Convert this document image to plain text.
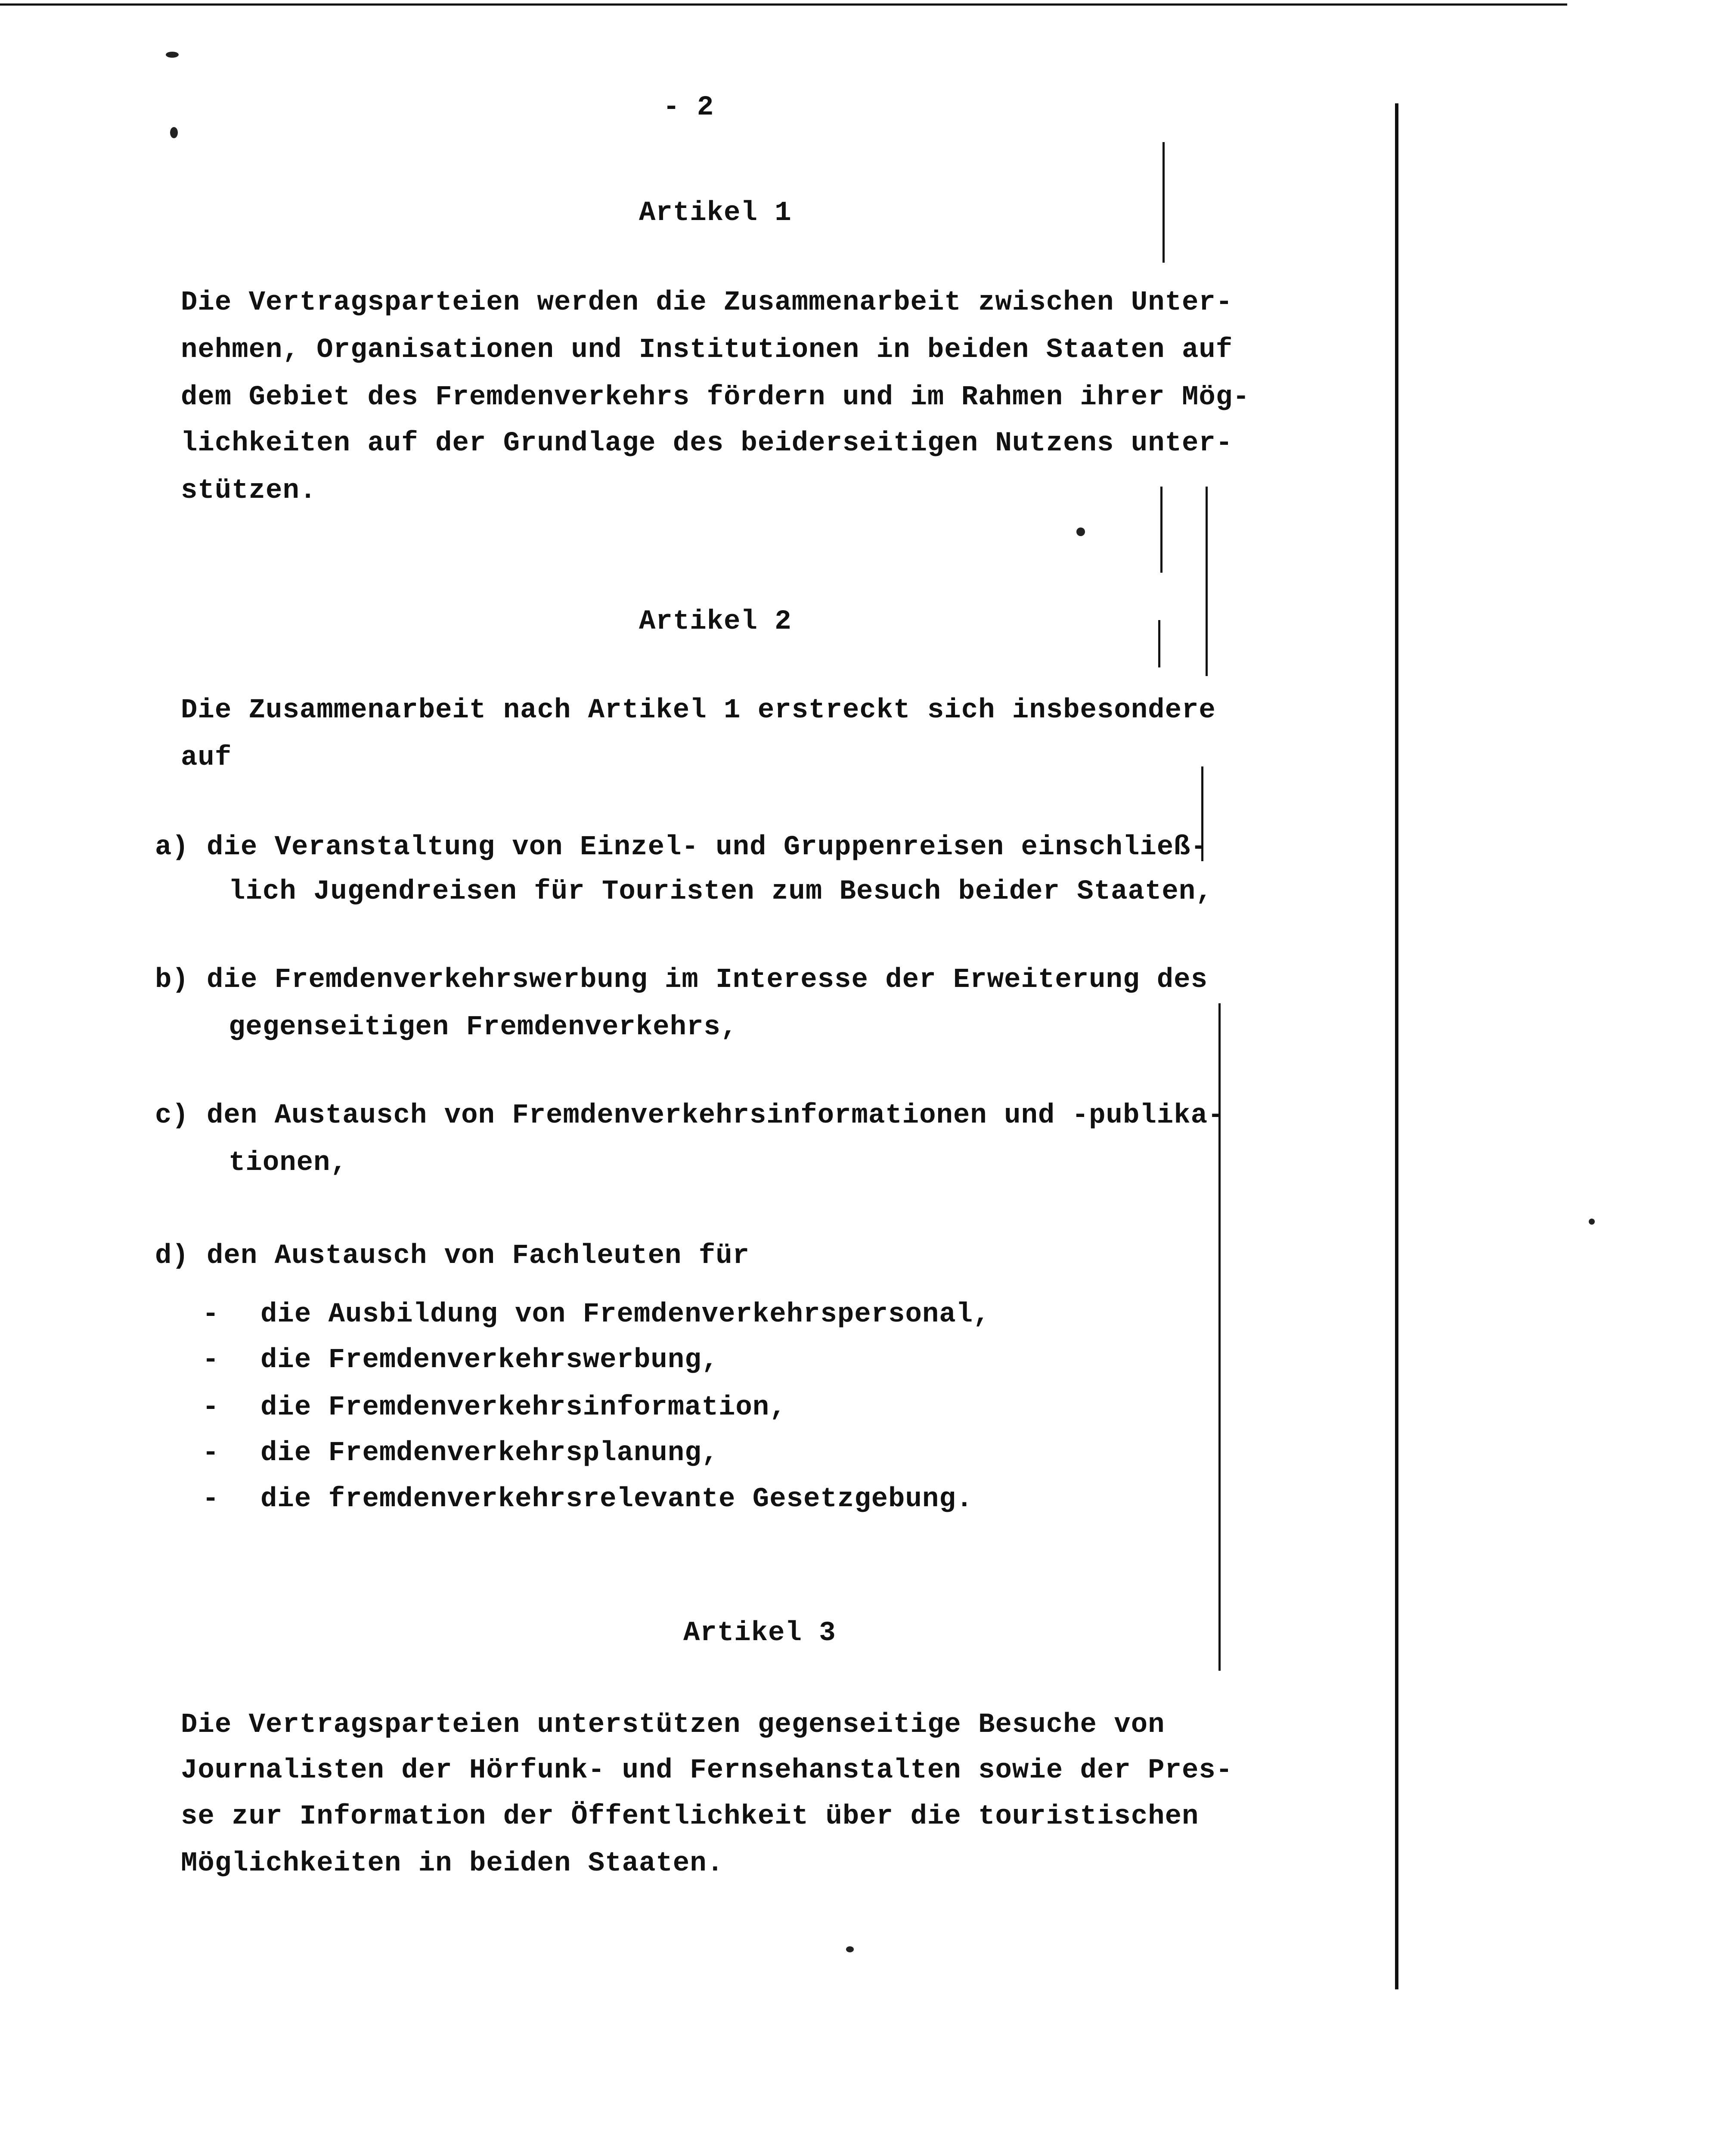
- 2
Artikel 1
Die Vertragsparteien werden die Zusammenarbeit zwischen Unter-
nehmen, Organisationen und Institutionen in beiden Staaten auf
dem Gebiet des Fremdenverkehrs fördern und im Rahmen ihrer Mög-
lichkeiten auf der Grundlage des beiderseitigen Nutzens unter-
stützen.
Artikel 2
Die Zusammenarbeit nach Artikel 1 erstreckt sich insbesondere
auf
a) die Veranstaltung von Einzel- und Gruppenreisen einschließ-
lich Jugendreisen für Touristen zum Besuch beider Staaten,
b) die Fremdenverkehrswerbung im Interesse der Erweiterung des
gegenseitigen Fremdenverkehrs,
c) den Austausch von Fremdenverkehrsinformationen und -publika-
tionen,
d) den Austausch von Fachleuten für
- die Ausbildung von Fremdenverkehrspersonal,
- die Fremdenverkehrswerbung,
- die Fremdenverkehrsinformation,
- die Fremdenverkehrsplanung,
- die fremdenverkehrsrelevante Gesetzgebung.
Artikel 3
Die Vertragsparteien unterstützen gegenseitige Besuche von
Journalisten der Hörfunk- und Fernsehanstalten sowie der Pres-
se zur Information der Öffentlichkeit über die touristischen
Möglichkeiten in beiden Staaten.
